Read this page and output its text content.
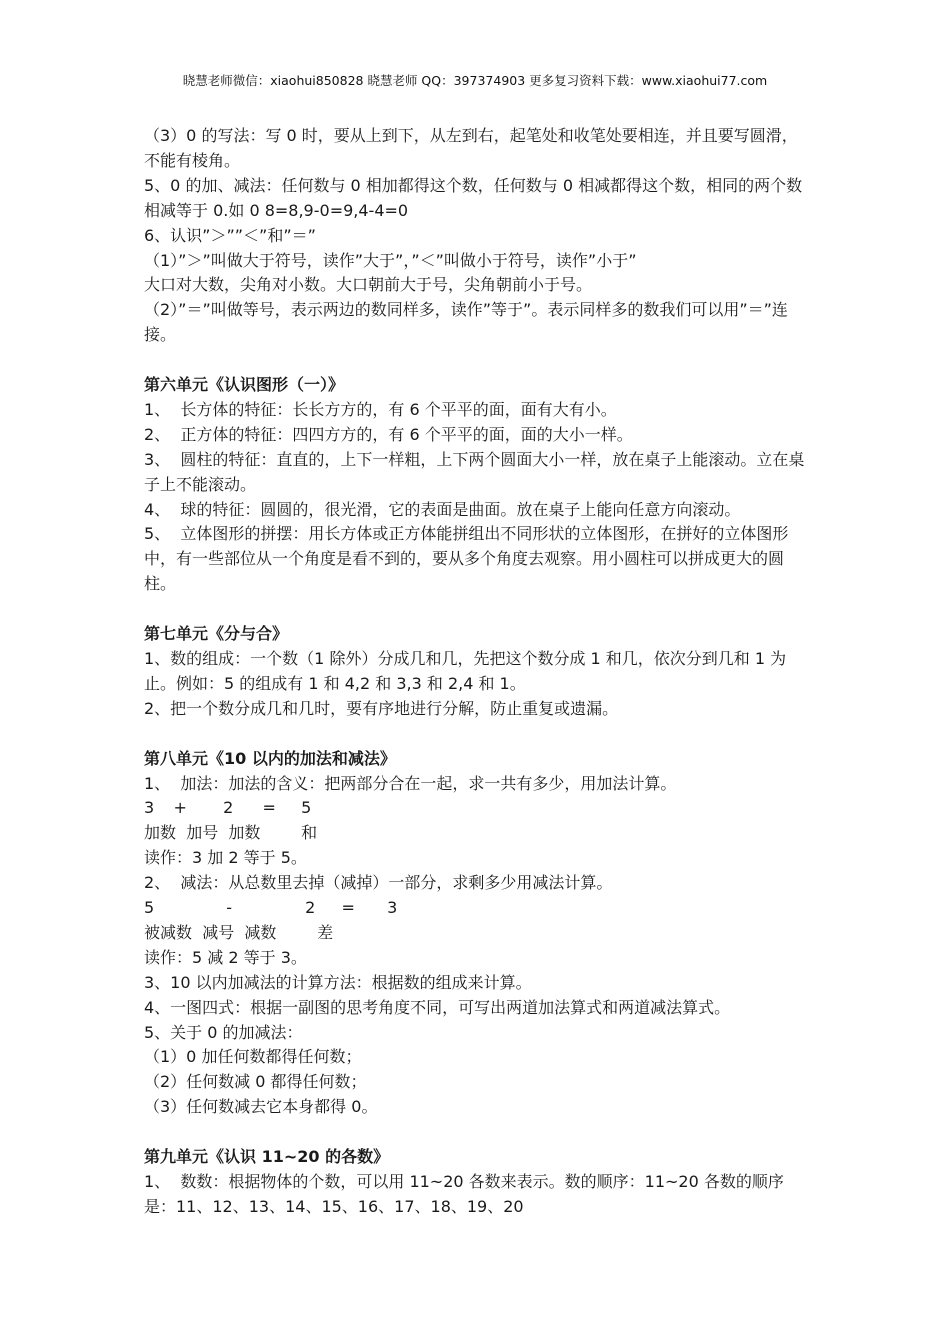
晓慧老师微信：xiaohui850828 晓慧老师 QQ：397374903 更多复习资料下载：www.xiaohui77.com

（3）0 的写法：写 0 时，要从上到下，从左到右，起笔处和收笔处要相连，并且要写圆滑，不能有棱角。

5、0 的加、减法：任何数与 0 相加都得这个数，任何数与 0 相减都得这个数，相同的两个数相减等于 0.如 0 8=8,9-0=9,4-4=0

6、认识”＞””＜”和”＝”

（1）”＞”叫做大于符号，读作”大于”，”＜”叫做小于符号，读作”小于”

大口对大数，尖角对小数。大口朝前大于号，尖角朝前小于号。

（2）”＝”叫做等号，表示两边的数同样多，读作”等于”。表示同样多的数我们可以用”＝”连接。

第六单元《认识图形（一）》

1、  长方体的特征：长长方方的，有 6 个平平的面，面有大有小。

2、  正方体的特征：四四方方的，有 6 个平平的面，面的大小一样。

3、  圆柱的特征：直直的，上下一样粗，上下两个圆面大小一样，放在桌子上能滚动。立在桌子上不能滚动。

4、  球的特征：圆圆的，很光滑，它的表面是曲面。放在桌子上能向任意方向滚动。

5、  立体图形的拼摆：用长方体或正方体能拼组出不同形状的立体图形，在拼好的立体图形中，有一些部位从一个角度是看不到的，要从多个角度去观察。用小圆柱可以拼成更大的圆柱。

第七单元《分与合》

1、数的组成：一个数（1 除外）分成几和几，先把这个数分成 1 和几，依次分到几和 1 为止。例如：5 的组成有 1 和 4,2 和 3,3 和 2,4 和 1。

2、把一个数分成几和几时，要有序地进行分解，防止重复或遗漏。

第八单元《10 以内的加法和减法》

1、  加法：加法的含义：把两部分合在一起，求一共有多少，用加法计算。

3 + 2 = 5

加数 加号 加数	和

读作：3 加 2 等于 5。

2、  减法：从总数里去掉（减掉）一部分，求剩多少用减法计算。

5	-	2 = 3

被减数 减号 减数	差

读作：5 减 2 等于 3。

3、10 以内加减法的计算方法：根据数的组成来计算。

4、一图四式：根据一副图的思考角度不同，可写出两道加法算式和两道减法算式。

5、关于 0 的加减法：

（1）0 加任何数都得任何数；

（2）任何数减 0 都得任何数；

（3）任何数减去它本身都得 0。

第九单元《认识 11~20 的各数》

1、  数数：根据物体的个数，可以用 11~20 各数来表示。数的顺序：11~20 各数的顺序是：11、12、13、14、15、16、17、18、19、20
